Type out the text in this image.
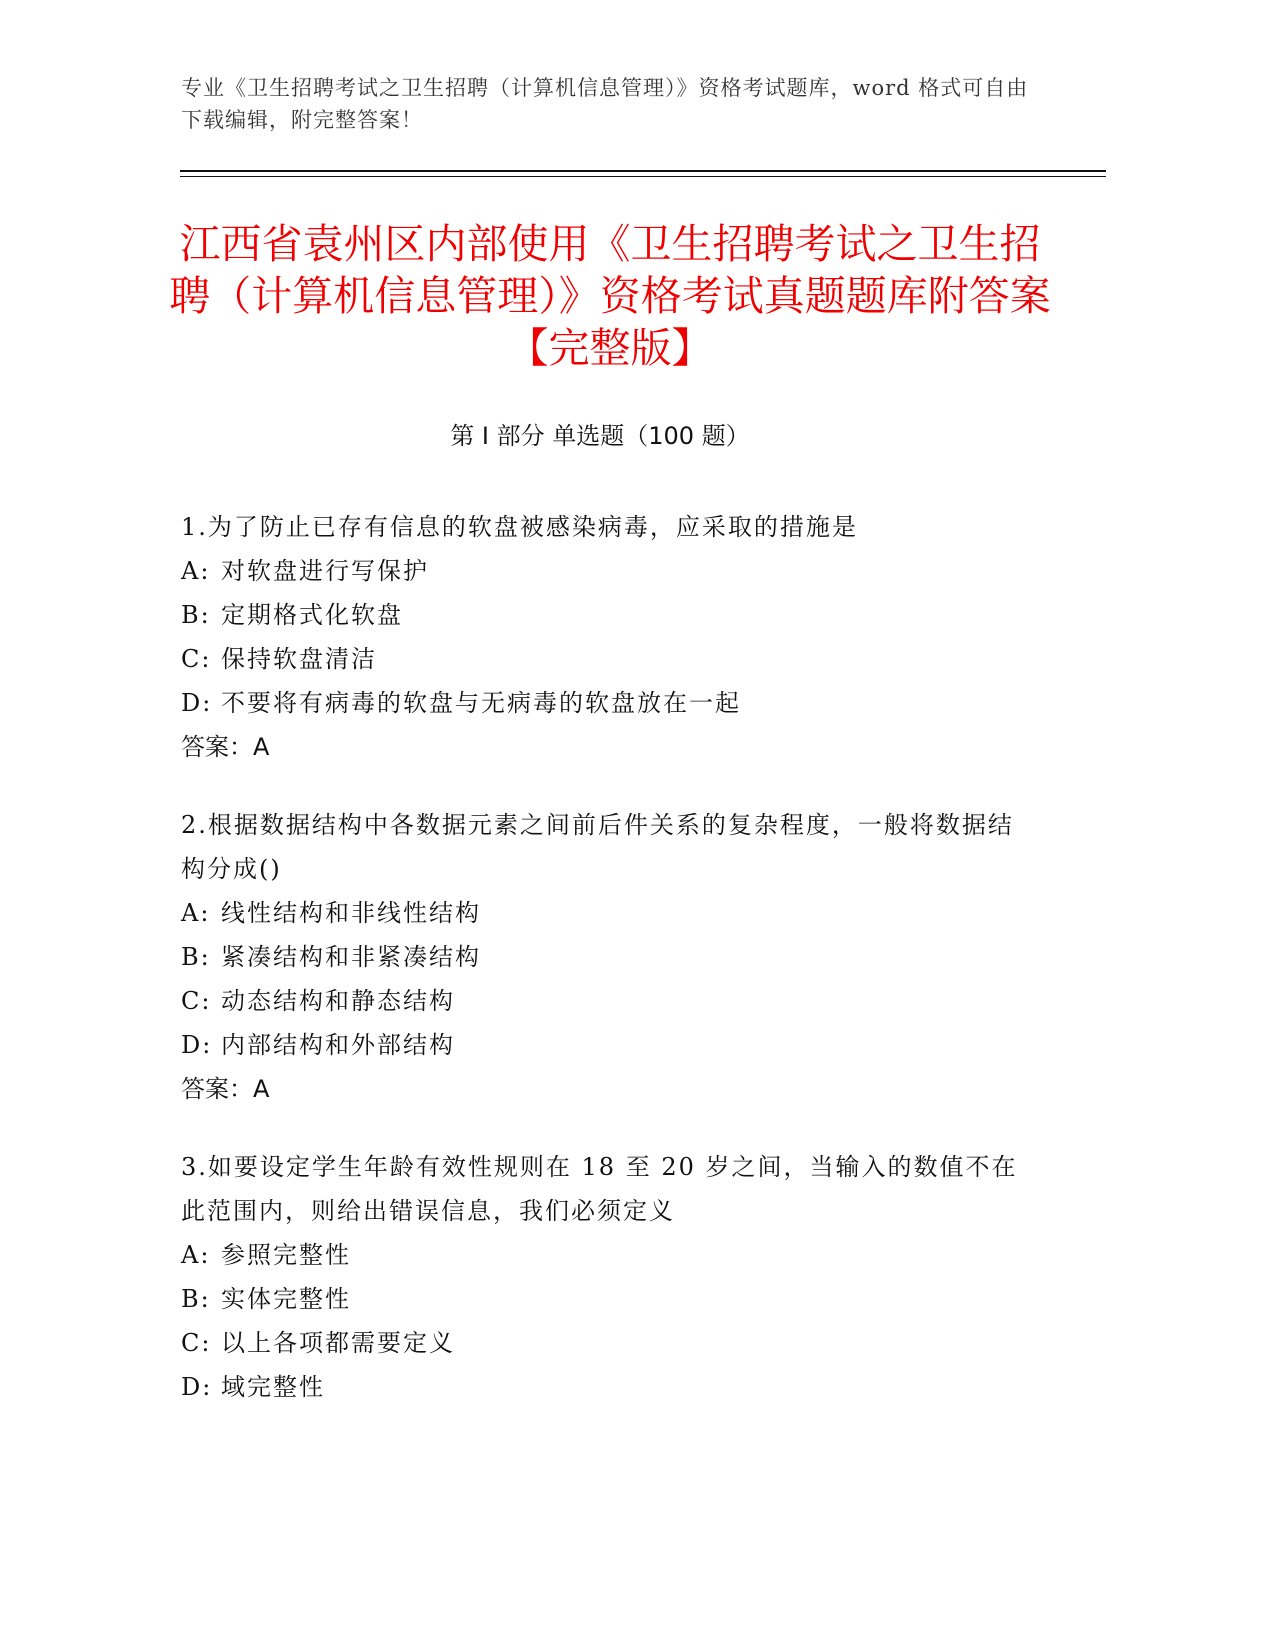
专业《卫生招聘考试之卫生招聘（计算机信息管理）》资格考试题库，word 格式可自由下载编辑，附完整答案！
江西省袁州区内部使用《卫生招聘考试之卫生招聘（计算机信息管理）》资格考试真题题库附答案【完整版】
第 I 部分 单选题（100 题）
1.为了防止已存有信息的软盘被感染病毒，应采取的措施是
A: 对软盘进行写保护
B: 定期格式化软盘
C: 保持软盘清洁
D: 不要将有病毒的软盘与无病毒的软盘放在一起
答案：A
2.根据数据结构中各数据元素之间前后件关系的复杂程度，一般将数据结构分成()
A: 线性结构和非线性结构
B: 紧凑结构和非紧凑结构
C: 动态结构和静态结构
D: 内部结构和外部结构
答案：A
3.如要设定学生年龄有效性规则在 18 至 20 岁之间，当输入的数值不在此范围内，则给出错误信息，我们必须定义
A: 参照完整性
B: 实体完整性
C: 以上各项都需要定义
D: 域完整性
